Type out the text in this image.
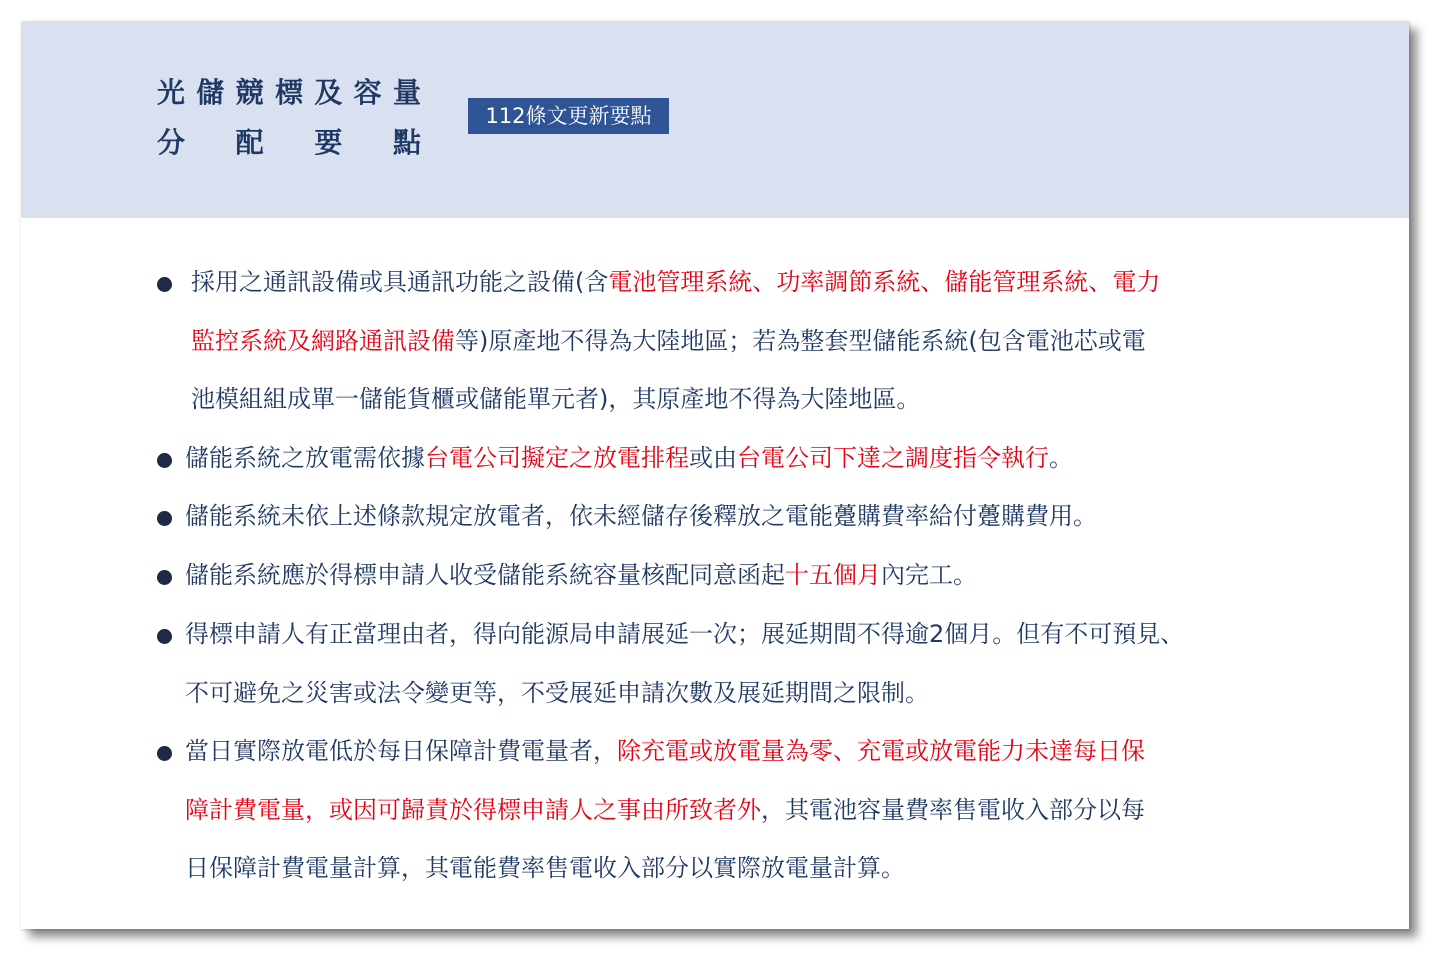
光 儲 競 標 及 容 量
分 配 要 點
112條文更新要點
採用之通訊設備或具通訊功能之設備(含電池管理系統、功率調節系統、儲能管理系統、電力
監控系統及網路通訊設備等)原產地不得為大陸地區；若為整套型儲能系統(包含電池芯或電
池模組組成單一儲能貨櫃或儲能單元者)，其原產地不得為大陸地區。
儲能系統之放電需依據台電公司擬定之放電排程或由台電公司下達之調度指令執行。
儲能系統未依上述條款規定放電者，依未經儲存後釋放之電能躉購費率給付躉購費用。
儲能系統應於得標申請人收受儲能系統容量核配同意函起十五個月內完工。
得標申請人有正當理由者，得向能源局申請展延一次；展延期間不得逾2個月。但有不可預見、
不可避免之災害或法令變更等，不受展延申請次數及展延期間之限制。
當日實際放電低於每日保障計費電量者，除充電或放電量為零、充電或放電能力未達每日保
障計費電量，或因可歸責於得標申請人之事由所致者外，其電池容量費率售電收入部分以每
日保障計費電量計算，其電能費率售電收入部分以實際放電量計算。
